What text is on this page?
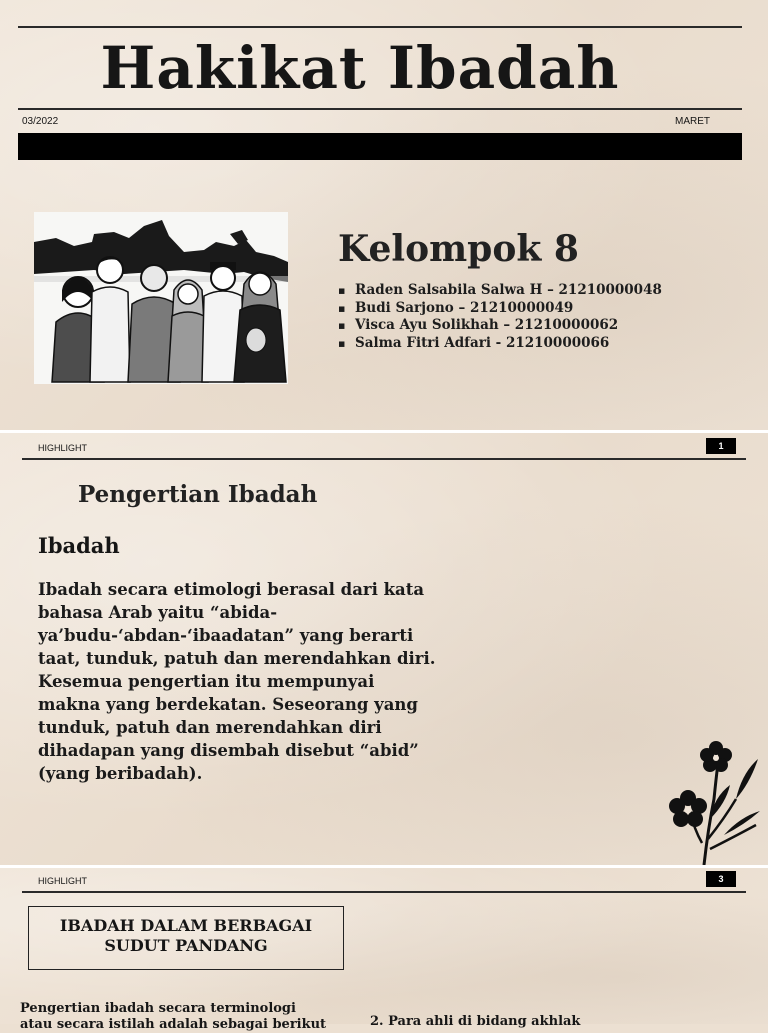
Hakikat Ibadah
03/2022	MARET
Kelompok 8
▪ Raden Salsabila Salwa H – 21210000048
▪ Budi Sarjono – 21210000049
▪ Visca Ayu Solikhah – 21210000062
▪ Salma Fitri Adfari - 21210000066
HIGHLIGHT	1
Pengertian Ibadah
Ibadah
Ibadah secara etimologi berasal dari kata
bahasa Arab yaitu “abida-
ya’budu-‘abdan-‘ibaadatan” yang berarti
taat, tunduk, patuh dan merendahkan diri.
Kesemua pengertian itu mempunyai
makna yang berdekatan. Seseorang yang
tunduk, patuh dan merendahkan diri
dihadapan yang disembah disebut “abid”
(yang beribadah).
HIGHLIGHT	3
IBADAH DALAM BERBAGAI
SUDUT PANDANG
Pengertian ibadah secara terminologi
atau secara istilah adalah sebagai berikut	2. Para ahli di bidang akhlak
